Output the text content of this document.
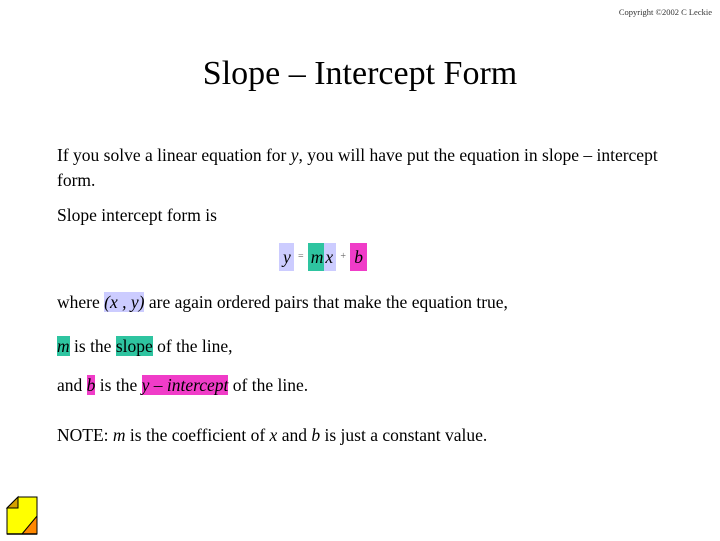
Copyright ©2002 C Leckie
Slope – Intercept Form
If you solve a linear equation for y, you will have put the equation in slope – intercept form.
Slope intercept form is
y = m x + b
where (x , y) are again ordered pairs that make the equation true,
m is the slope of the line,
and b is the y – intercept of the line.
NOTE: m is the coefficient of x and b is just a constant value.
